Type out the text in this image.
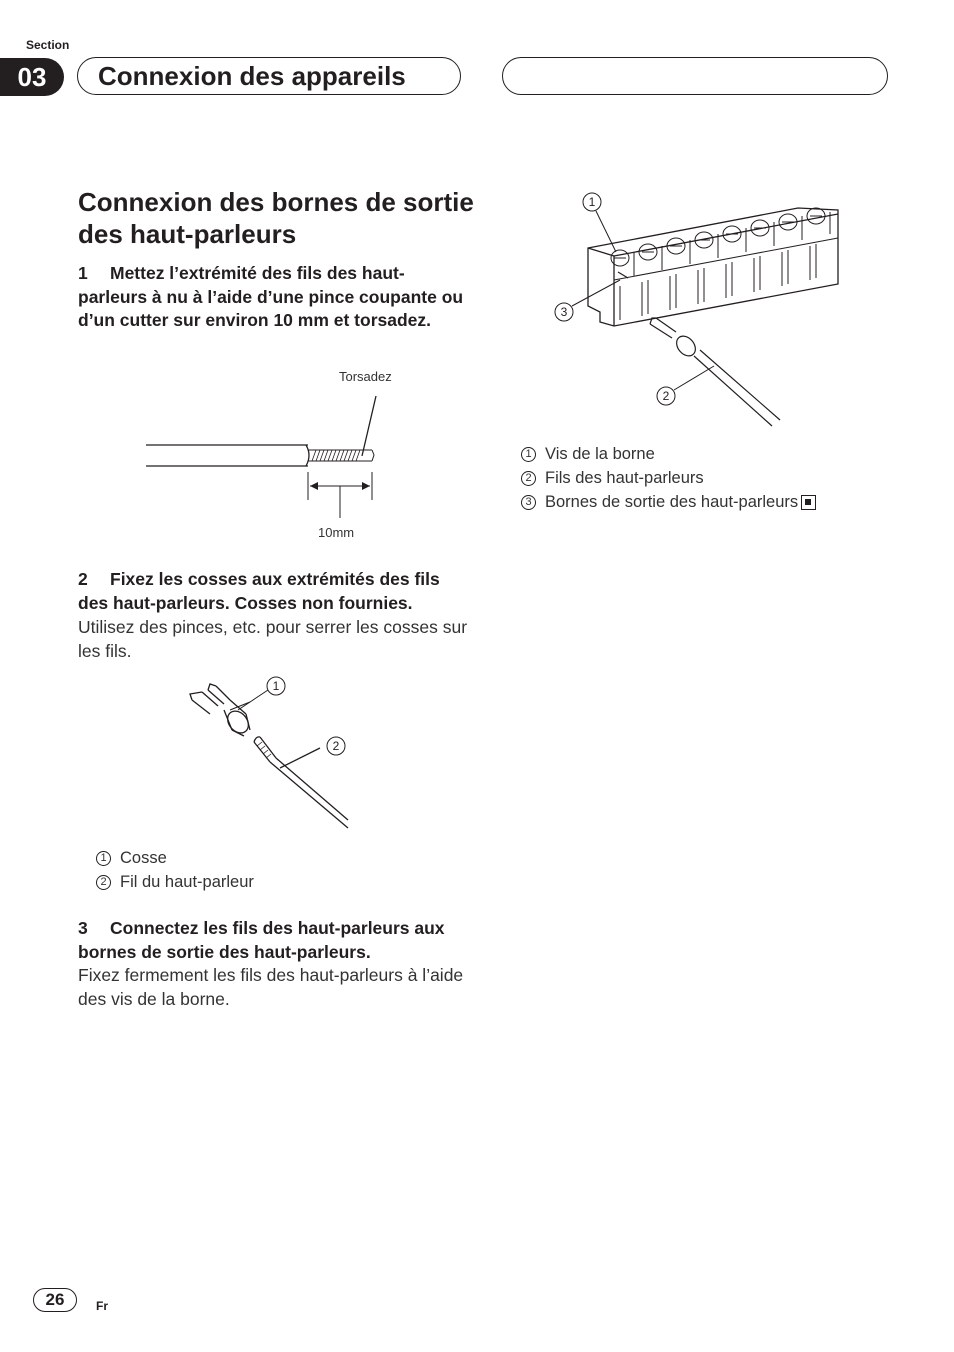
Section
03	Connexion des appareils
Connexion des bornes de sortie des haut-parleurs
1 Mettez l’extrémité des fils des haut-parleurs à nu à l’aide d’une pince coupante ou d’un cutter sur environ 10 mm et torsadez.
Torsadez
10mm
2 Fixez les cosses aux extrémités des fils des haut-parleurs. Cosses non fournies.
Utilisez des pinces, etc. pour serrer les cosses sur les fils.
1
2
1 Cosse
2 Fil du haut-parleur
3 Connectez les fils des haut-parleurs aux bornes de sortie des haut-parleurs.
Fixez fermement les fils des haut-parleurs à l’aide des vis de la borne.
1
3
2
1 Vis de la borne
2 Fils des haut-parleurs
3 Bornes de sortie des haut-parleurs
26	Fr
